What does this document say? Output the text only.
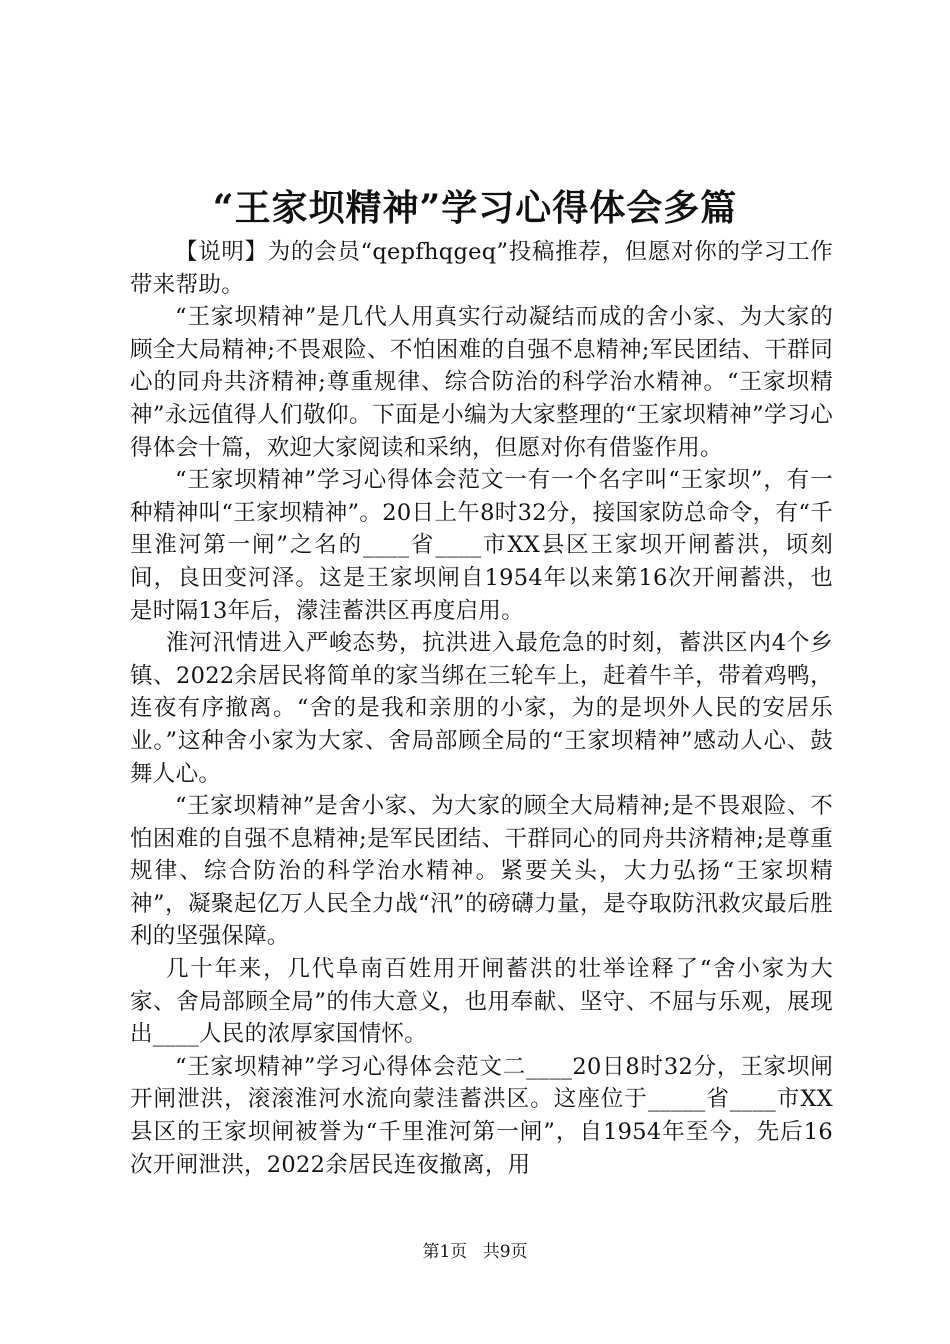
“王家坝精神”学习心得体会多篇

【说明】为的会员“qepfhqgeq”投稿推荐，但愿对你的学习工作带来帮助。

“王家坝精神”是几代人用真实行动凝结而成的舍小家、为大家的顾全大局精神;不畏艰险、不怕困难的自强不息精神;军民团结、干群同心的同舟共济精神;尊重规律、综合防治的科学治水精神。“王家坝精神”永远值得人们敬仰。下面是小编为大家整理的“王家坝精神”学习心得体会十篇，欢迎大家阅读和采纳，但愿对你有借鉴作用。

“王家坝精神”学习心得体会范文一有一个名字叫“王家坝”，有一种精神叫“王家坝精神”。20日上午8时32分，接国家防总命令，有“千里淮河第一闸”之名的____省____市XX县区王家坝开闸蓄洪，顷刻间，良田变河泽。这是王家坝闸自1954年以来第16次开闸蓄洪，也是时隔13年后，濛洼蓄洪区再度启用。

淮河汛情进入严峻态势，抗洪进入最危急的时刻，蓄洪区内4个乡镇、2022余居民将简单的家当绑在三轮车上，赶着牛羊，带着鸡鸭，连夜有序撤离。“舍的是我和亲朋的小家，为的是坝外人民的安居乐业。”这种舍小家为大家、舍局部顾全局的“王家坝精神”感动人心、鼓舞人心。

“王家坝精神”是舍小家、为大家的顾全大局精神;是不畏艰险、不怕困难的自强不息精神;是军民团结、干群同心的同舟共济精神;是尊重规律、综合防治的科学治水精神。紧要关头，大力弘扬“王家坝精神”，凝聚起亿万人民全力战“汛”的磅礴力量，是夺取防汛救灾最后胜利的坚强保障。

几十年来，几代阜南百姓用开闸蓄洪的壮举诠释了“舍小家为大家、舍局部顾全局”的伟大意义，也用奉献、坚守、不屈与乐观，展现出____人民的浓厚家国情怀。

“王家坝精神”学习心得体会范文二____20日8时32分，王家坝闸开闸泄洪，滚滚淮河水流向蒙洼蓄洪区。这座位于_____省____市XX县区的王家坝闸被誉为“千里淮河第一闸”，自1954年至今，先后16次开闸泄洪，2022余居民连夜撤离，用

第1页 共9页
